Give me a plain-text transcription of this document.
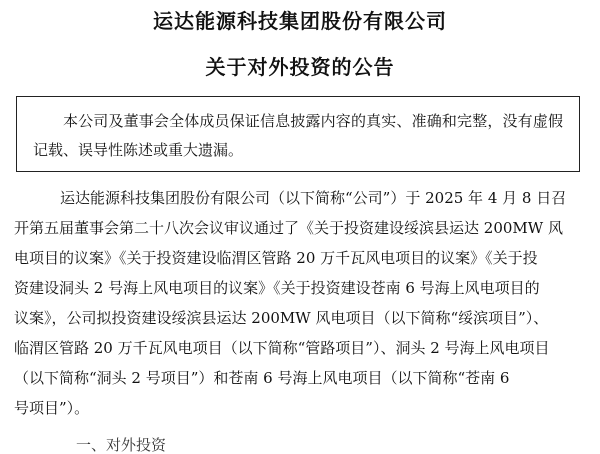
运达能源科技集团股份有限公司
关于对外投资的公告

本公司及董事会全体成员保证信息披露内容的真实、准确和完整，没有虚假记载、误导性陈述或重大遗漏。

运达能源科技集团股份有限公司（以下简称“公司”）于 2025 年 4 月 8 日召
开第五届董事会第二十八次会议审议通过了《关于投资建设绥滨县运达 200MW 风
电项目的议案》《关于投资建设临渭区管路 20 万千瓦风电项目的议案》《关于投
资建设洞头 2 号海上风电项目的议案》《关于投资建设苍南 6 号海上风电项目的
议案》，公司拟投资建设绥滨县运达 200MW 风电项目（以下简称“绥滨项目”）、
临渭区管路 20 万千瓦风电项目（以下简称“管路项目”）、洞头 2 号海上风电项目
（以下简称“洞头 2 号项目”）和苍南 6 号海上风电项目（以下简称“苍南 6
号项目”）。
一、对外投资
